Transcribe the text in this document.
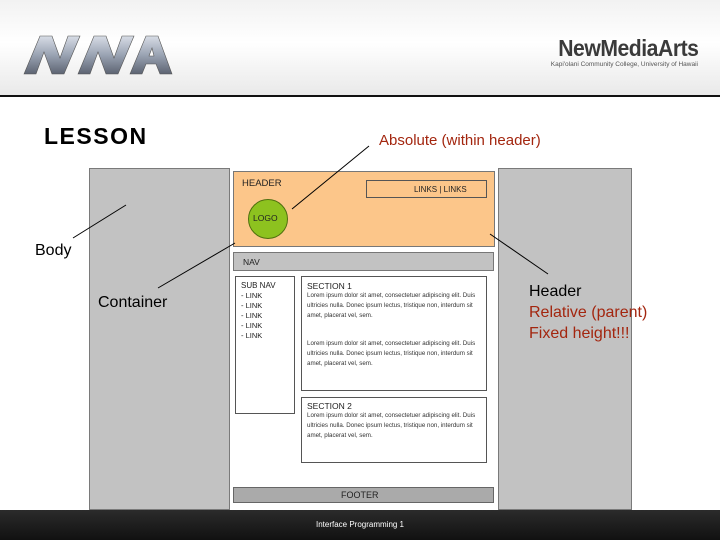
NewMediaArts
Kapi'olani Community College, University of Hawaii
LESSON
HEADER
LINKS | LINKS
LOGO
NAV
SUB NAV
- LINK
- LINK
- LINK
- LINK
- LINK
SECTION 1
Lorem ipsum dolor sit amet, consectetuer adipiscing elit. Duis ultricies nulla. Donec ipsum lectus, tristique non, interdum sit amet, placerat vel, sem.
Lorem ipsum dolor sit amet, consectetuer adipiscing elit. Duis ultricies nulla. Donec ipsum lectus, tristique non, interdum sit amet, placerat vel, sem.
SECTION 2
Lorem ipsum dolor sit amet, consectetuer adipiscing elit. Duis ultricies nulla. Donec ipsum lectus, tristique non, interdum sit amet, placerat vel, sem.
FOOTER
Absolute (within header)
Body
Container
Header
Relative (parent)
Fixed height!!!
Interface Programming 1
